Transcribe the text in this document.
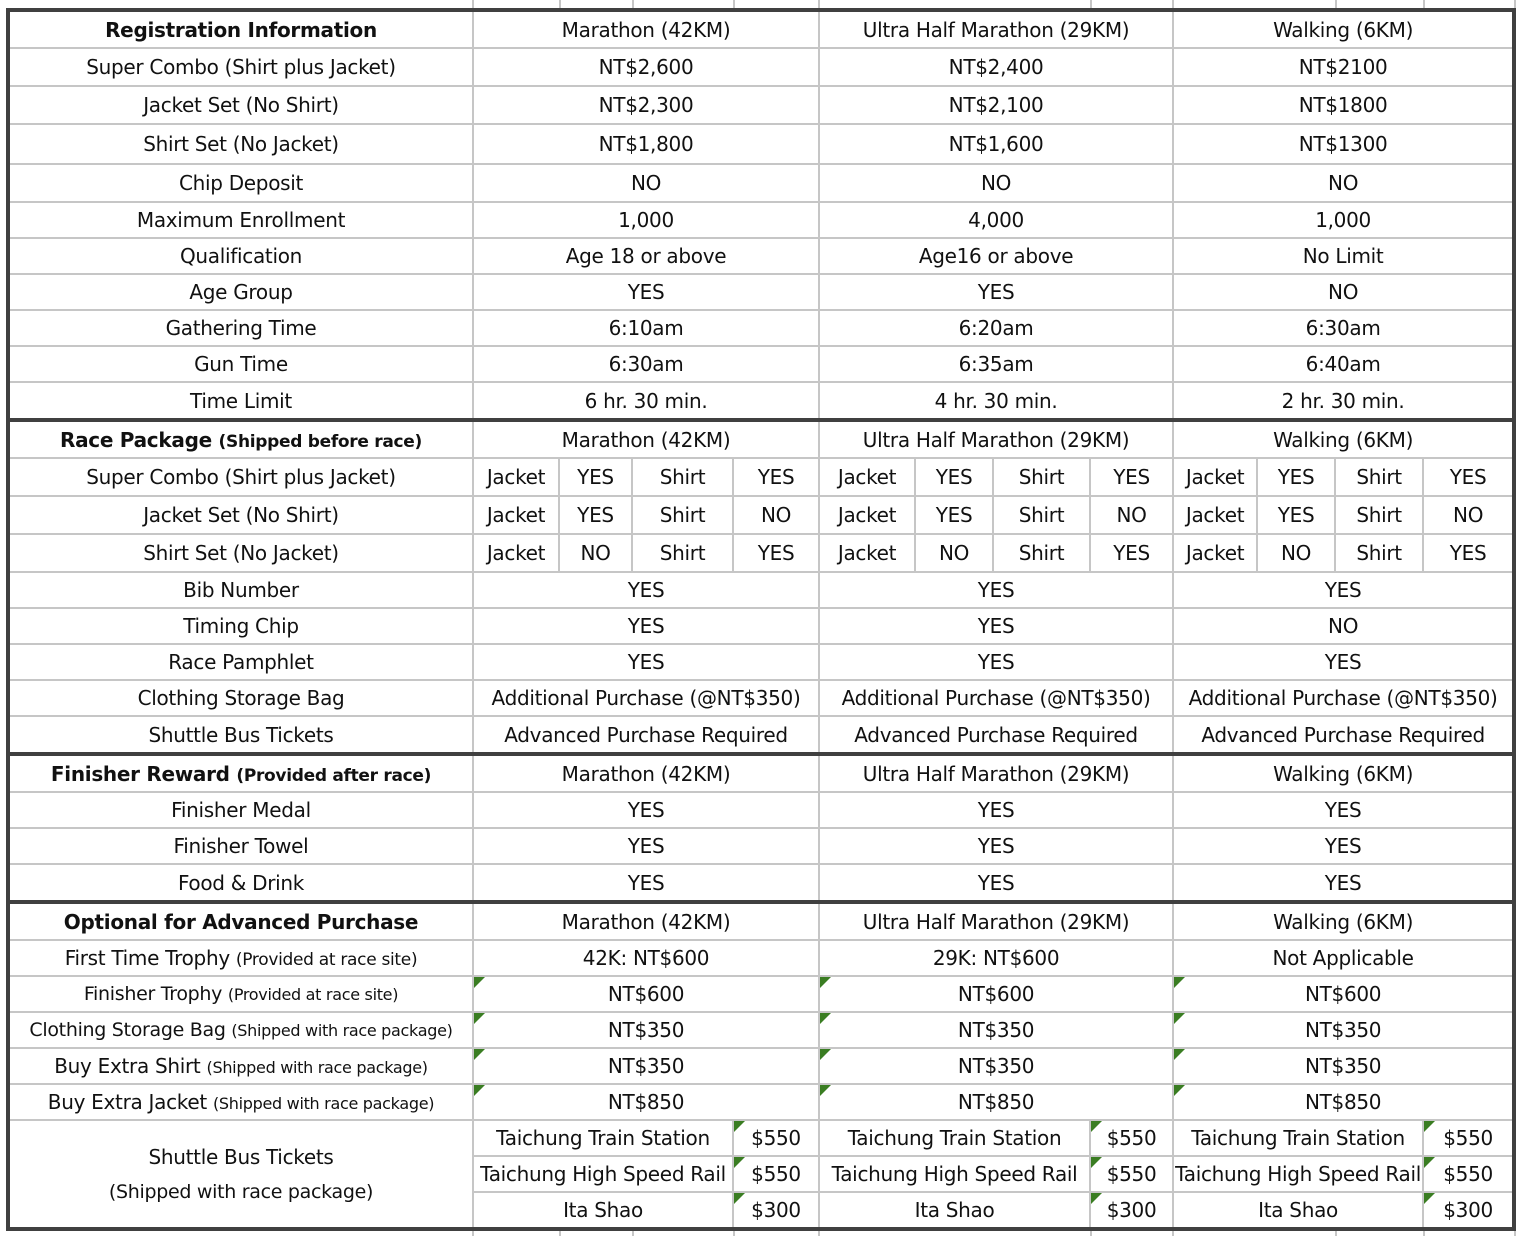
Registration Information	Marathon (42KM)				Ultra Half Marathon (29KM)				Walking (6KM)			
Super Combo (Shirt plus Jacket)	NT$2,600				NT$2,400				NT$2100			
Jacket Set (No Shirt)	NT$2,300				NT$2,100				NT$1800			
Shirt Set (No Jacket)	NT$1,800				NT$1,600				NT$1300			
Chip Deposit	NO				NO				NO			
Maximum Enrollment	1,000				4,000				1,000			
Qualification	Age 18 or above				Age16 or above				No Limit			
Age Group	YES				YES				NO			
Gathering Time	6:10am				6:20am				6:30am			
Gun Time	6:30am				6:35am				6:40am			
Time Limit	6 hr. 30 min.				4 hr. 30 min.				2 hr. 30 min.			
Race Package (Shipped before race)	Marathon (42KM)				Ultra Half Marathon (29KM)				Walking (6KM)			
Super Combo (Shirt plus Jacket)	Jacket	YES	Shirt	YES	Jacket	YES	Shirt	YES	Jacket	YES	Shirt	YES
Jacket Set (No Shirt)	Jacket	YES	Shirt	NO	Jacket	YES	Shirt	NO	Jacket	YES	Shirt	NO
Shirt Set (No Jacket)	Jacket	NO	Shirt	YES	Jacket	NO	Shirt	YES	Jacket	NO	Shirt	YES
Bib Number	YES				YES				YES			
Timing Chip	YES				YES				NO			
Race Pamphlet	YES				YES				YES			
Clothing Storage Bag	Additional Purchase (@NT$350)				Additional Purchase (@NT$350)				Additional Purchase (@NT$350)			
Shuttle Bus Tickets	Advanced Purchase Required				Advanced Purchase Required				Advanced Purchase Required			
Finisher Reward (Provided after race)	Marathon (42KM)				Ultra Half Marathon (29KM)				Walking (6KM)			
Finisher Medal	YES				YES				YES			
Finisher Towel	YES				YES				YES			
Food & Drink	YES				YES				YES			
Optional for Advanced Purchase	Marathon (42KM)				Ultra Half Marathon (29KM)				Walking (6KM)			
First Time Trophy (Provided at race site)	42K: NT$600				29K: NT$600				Not Applicable			
Finisher Trophy (Provided at race site)	NT$600				NT$600				NT$600			
Clothing Storage Bag (Shipped with race package)	NT$350				NT$350				NT$350			
Buy Extra Shirt (Shipped with race package)	NT$350				NT$350				NT$350			
Buy Extra Jacket (Shipped with race package)	NT$850				NT$850				NT$850			
Shuttle Bus Tickets
(Shipped with race package)	Taichung Train Station			$550	Taichung Train Station			$550	Taichung Train Station			$550
	Taichung High Speed Rail			$550	Taichung High Speed Rail			$550	Taichung High Speed Rail			$550
	Ita Shao			$300	Ita Shao			$300	Ita Shao			$300
